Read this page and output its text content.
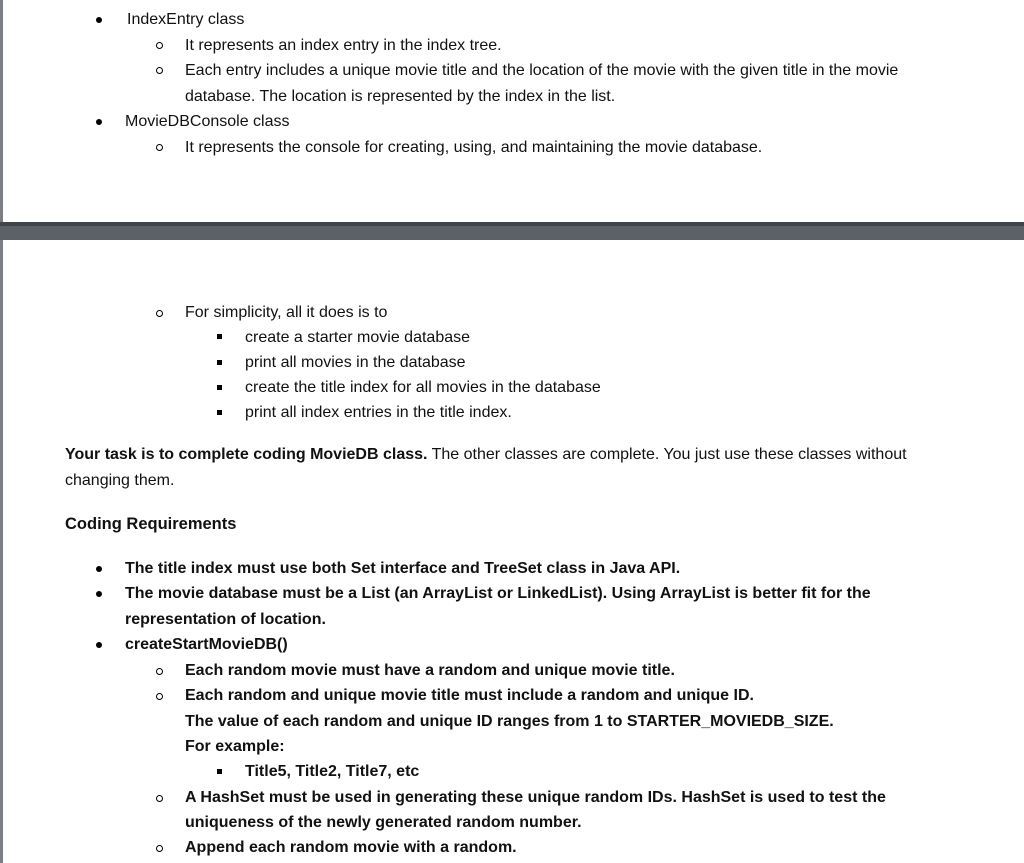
IndexEntry class
It represents an index entry in the index tree.
Each entry includes a unique movie title and the location of the movie with the given title in the movie
database. The location is represented by the index in the list.
MovieDBConsole class
It represents the console for creating, using, and maintaining the movie database.
For simplicity, all it does is to
create a starter movie database
print all movies in the database
create the title index for all movies in the database
print all index entries in the title index.
Your task is to complete coding MovieDB class. The other classes are complete. You just use these classes without
changing them.
Coding Requirements
The title index must use both Set interface and TreeSet class in Java API.
The movie database must be a List (an ArrayList or LinkedList). Using ArrayList is better fit for the
representation of location.
createStartMovieDB()
Each random movie must have a random and unique movie title.
Each random and unique movie title must include a random and unique ID.
The value of each random and unique ID ranges from 1 to STARTER_MOVIEDB_SIZE.
For example:
Title5, Title2, Title7, etc
A HashSet must be used in generating these unique random IDs. HashSet is used to test the
uniqueness of the newly generated random number.
Append each random movie with a random.
